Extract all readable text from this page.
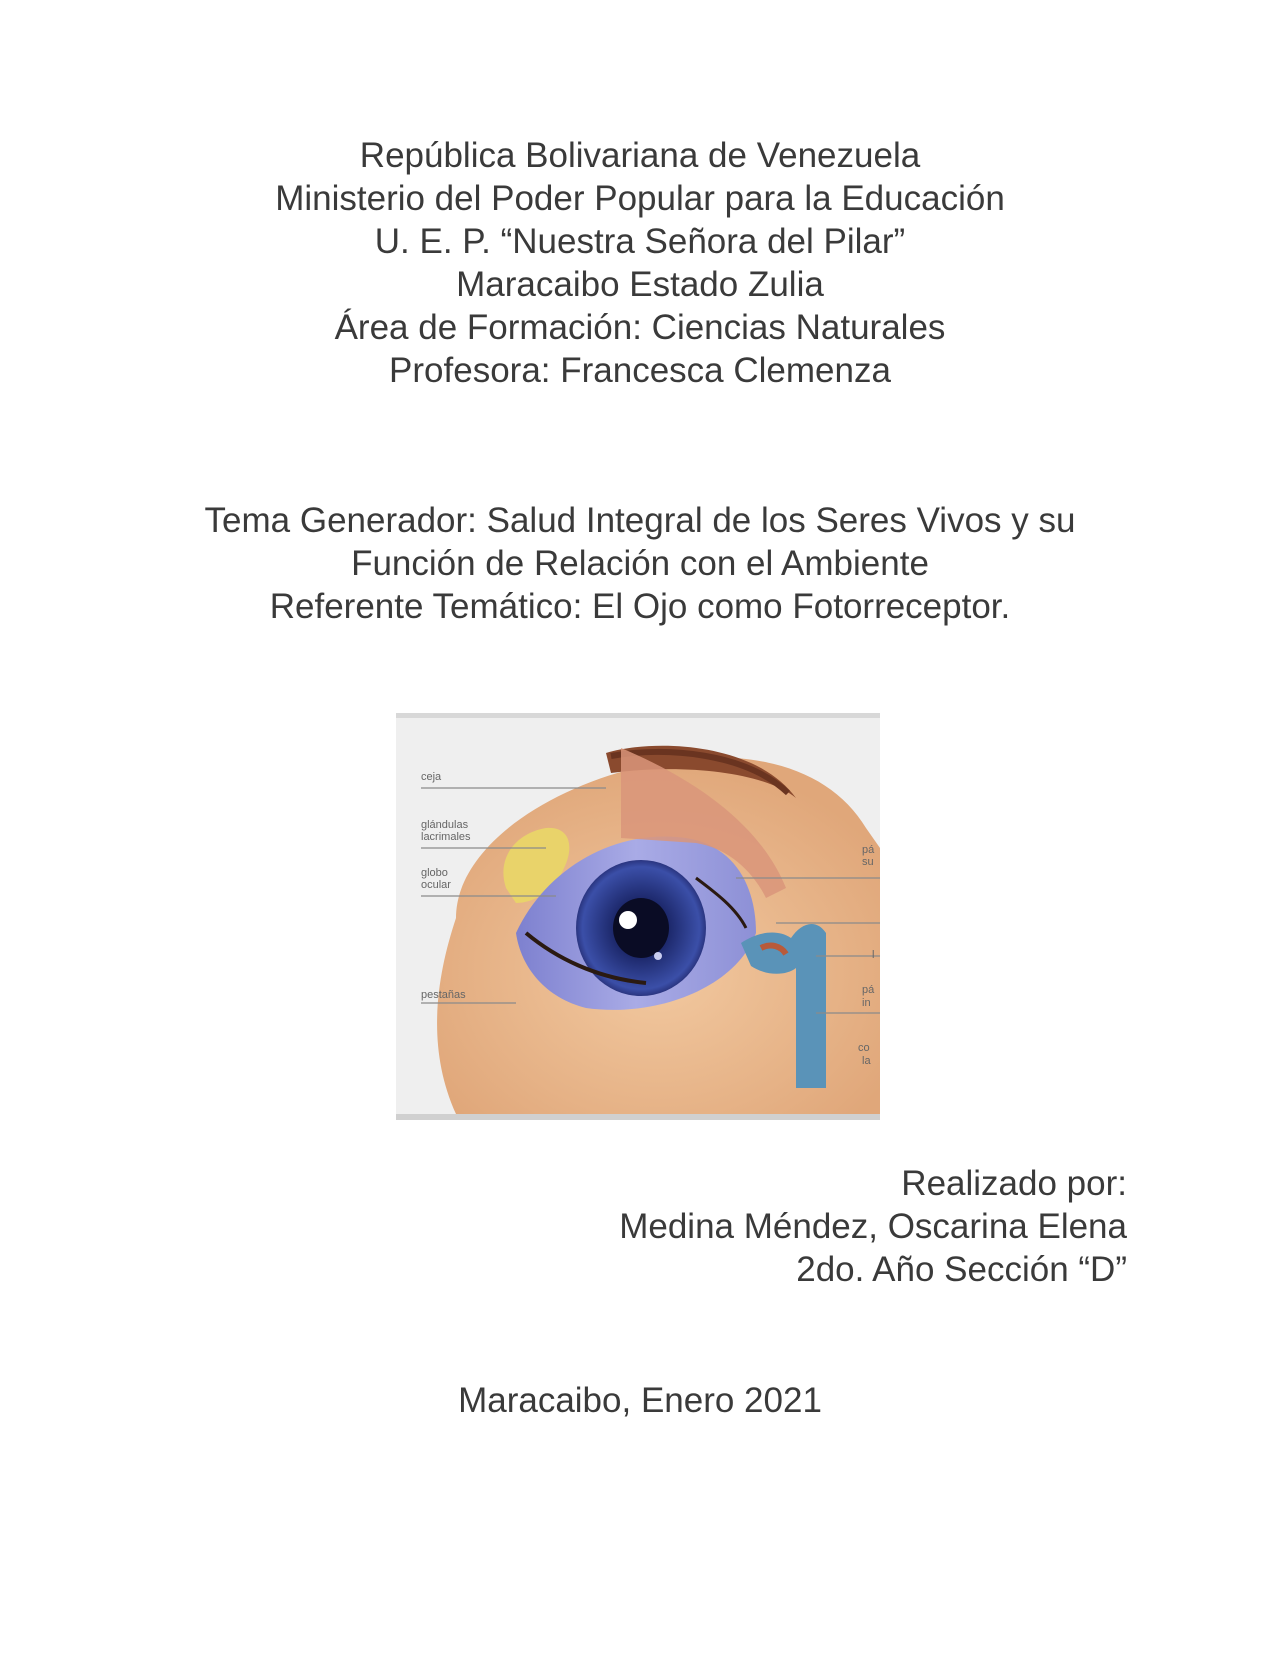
República Bolivariana de Venezuela
Ministerio del Poder Popular para la Educación
U. E. P. “Nuestra Señora del Pilar”
Maracaibo Estado Zulia
Área de Formación: Ciencias Naturales
Profesora: Francesca Clemenza
Tema Generador: Salud Integral de los Seres Vivos y su
Función de Relación con el Ambiente
Referente Temático: El Ojo como Fotorreceptor.
ceja
glándulas
lacrimales
globo
ocular
pestañas
pá
su
l
pá
in
co
la
Realizado por:
Medina Méndez, Oscarina Elena
2do. Año Sección “D”
Maracaibo, Enero 2021
